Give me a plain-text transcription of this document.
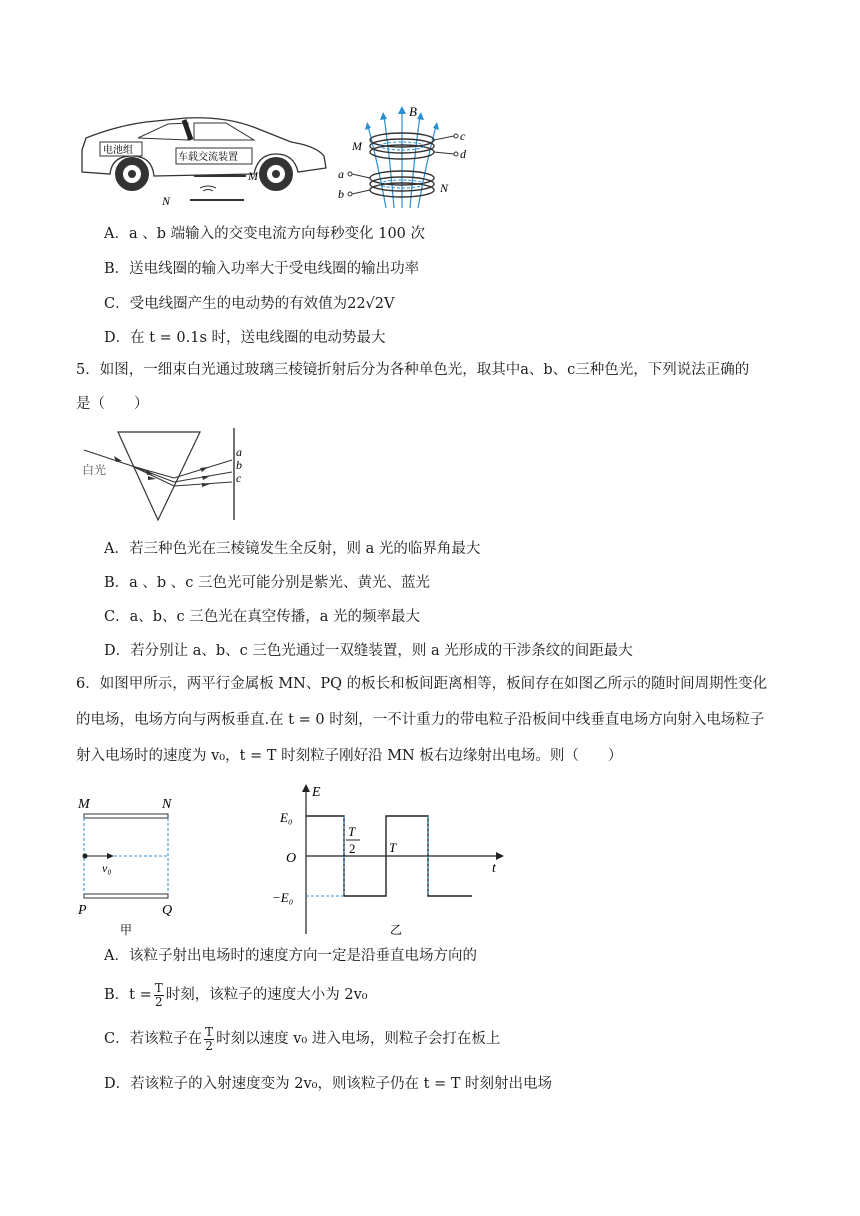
电池组
车载交流装置
M
N
B
c
d
M
a
b	N
A．a 、b 端输入的交变电流方向每秒变化 100 次
B．送电线圈的输入功率大于受电线圈的输出功率
C．受电线圈产生的电动势的有效值为22√2V
D．在 t = 0.1s 时，送电线圈的电动势最大
5．如图，一细束白光通过玻璃三棱镜折射后分为各种单色光，取其中a、b、c三种色光，下列说法正确的
是（　　）
白光
a
b
c
A．若三种色光在三棱镜发生全反射，则 a 光的临界角最大
B．a 、b 、c 三色光可能分别是紫光、黄光、蓝光
C．a、b、c 三色光在真空传播，a 光的频率最大
D．若分别让 a、b、c 三色光通过一双缝装置，则 a 光形成的干涉条纹的间距最大
6．如图甲所示，两平行金属板 MN、PQ 的板长和板间距离相等，板间存在如图乙所示的随时间周期性变化
的电场，电场方向与两板垂直.在 t = 0 时刻，一不计重力的带电粒子沿板间中线垂直电场方向射入电场粒子
射入电场时的速度为 v₀，t = T 时刻粒子刚好沿 MN 板右边缘射出电场。则（　　）
M	N
v₀
P	Q
甲
E
t
O
E₀
−E₀
T
2	T
乙
A．该粒子射出电场时的速度方向一定是沿垂直电场方向的
B．$t = \frac{T}{2}$ 时刻，该粒子的速度大小为 2v₀
C．若该粒子在 $\frac{T}{2}$ 时刻以速度 v₀ 进入电场，则粒子会打在板上
D．若该粒子的入射速度变为 2v₀，则该粒子仍在 t = T 时刻射出电场
